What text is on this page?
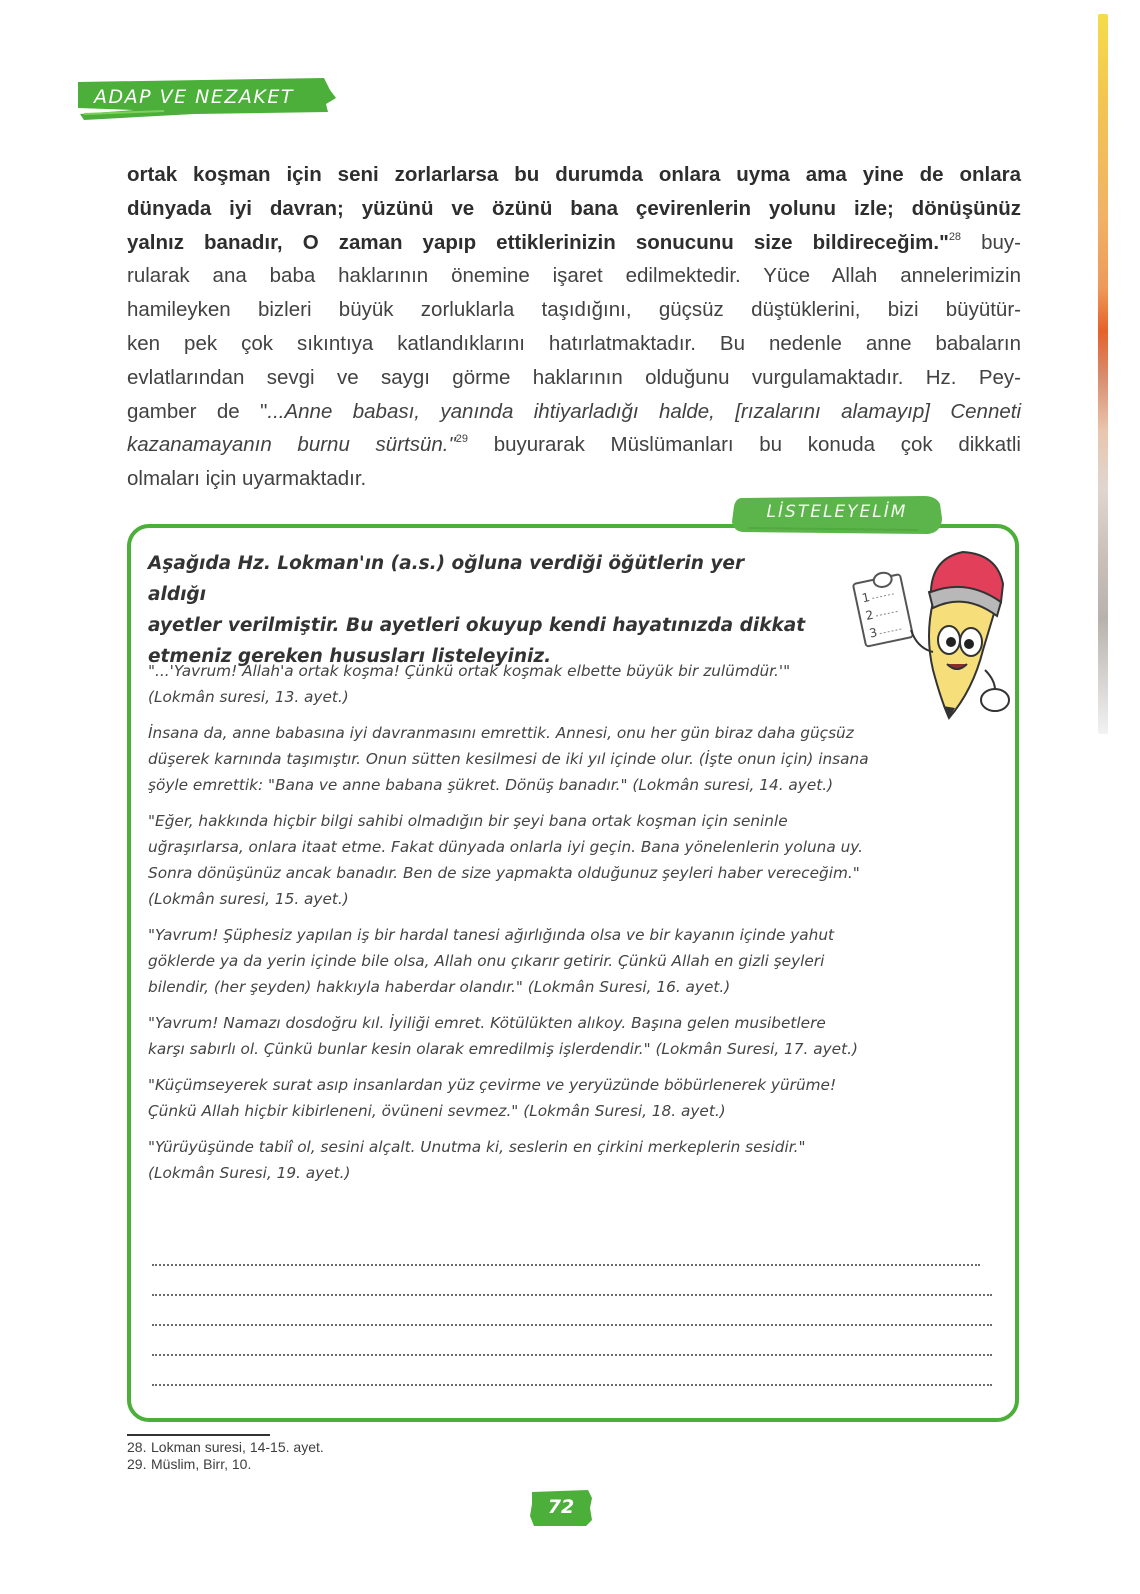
ADAP VE NEZAKET
ortak koşman için seni zorlarlarsa bu durumda onlara uyma ama yine de onlara
dünyada iyi davran; yüzünü ve özünü bana çevirenlerin yolunu izle; dönüşünüz
yalnız banadır, O zaman yapıp ettiklerinizin sonucunu size bildireceğim."$^{28}$ buy-
rularak ana baba haklarının önemine işaret edilmektedir. Yüce Allah annelerimizin
hamileyken bizleri büyük zorluklarla taşıdığını, güçsüz düştüklerini, bizi büyütür-
ken pek çok sıkıntıya katlandıklarını hatırlatmaktadır. Bu nedenle anne babaların
evlatlarından sevgi ve saygı görme haklarının olduğunu vurgulamaktadır. Hz. Pey-
gamber de "...Anne babası, yanında ihtiyarladığı halde, [rızalarını alamayıp] Cenneti
kazanamayanın burnu sürtsün."$^{29}$ buyurarak Müslümanları bu konuda çok dikkatli
olmaları için uyarmaktadır.
LİSTELEYELİM
1
2
3
Aşağıda Hz. Lokman'ın (a.s.) oğluna verdiği öğütlerin yer aldığı
ayetler verilmiştir. Bu ayetleri okuyup kendi hayatınızda dikkat
etmeniz gereken hususları listeleyiniz.
"...'Yavrum! Allah'a ortak koşma! Çünkü ortak koşmak elbette büyük bir zulümdür.'"
(Lokmân suresi, 13. ayet.)
İnsana da, anne babasına iyi davranmasını emrettik. Annesi, onu her gün biraz daha güçsüz
düşerek karnında taşımıştır. Onun sütten kesilmesi de iki yıl içinde olur. (İşte onun için) insana
şöyle emrettik: "Bana ve anne babana şükret. Dönüş banadır." (Lokmân suresi, 14. ayet.)
"Eğer, hakkında hiçbir bilgi sahibi olmadığın bir şeyi bana ortak koşman için seninle
uğraşırlarsa, onlara itaat etme. Fakat dünyada onlarla iyi geçin. Bana yönelenlerin yoluna uy.
Sonra dönüşünüz ancak banadır. Ben de size yapmakta olduğunuz şeyleri haber vereceğim."
(Lokmân suresi, 15. ayet.)
"Yavrum! Şüphesiz yapılan iş bir hardal tanesi ağırlığında olsa ve bir kayanın içinde yahut
göklerde ya da yerin içinde bile olsa, Allah onu çıkarır getirir. Çünkü Allah en gizli şeyleri
bilendir, (her şeyden) hakkıyla haberdar olandır." (Lokmân Suresi, 16. ayet.)
"Yavrum! Namazı dosdoğru kıl. İyiliği emret. Kötülükten alıkoy. Başına gelen musibetlere
karşı sabırlı ol. Çünkü bunlar kesin olarak emredilmiş işlerdendir." (Lokmân Suresi, 17. ayet.)
"Küçümseyerek surat asıp insanlardan yüz çevirme ve yeryüzünde böbürlenerek yürüme!
Çünkü Allah hiçbir kibirleneni, övüneni sevmez." (Lokmân Suresi, 18. ayet.)
"Yürüyüşünde tabiî ol, sesini alçalt. Unutma ki, seslerin en çirkini merkeplerin sesidir."
(Lokmân Suresi, 19. ayet.)
28. Lokman suresi, 14-15. ayet.
29. Müslim, Birr, 10.
72
